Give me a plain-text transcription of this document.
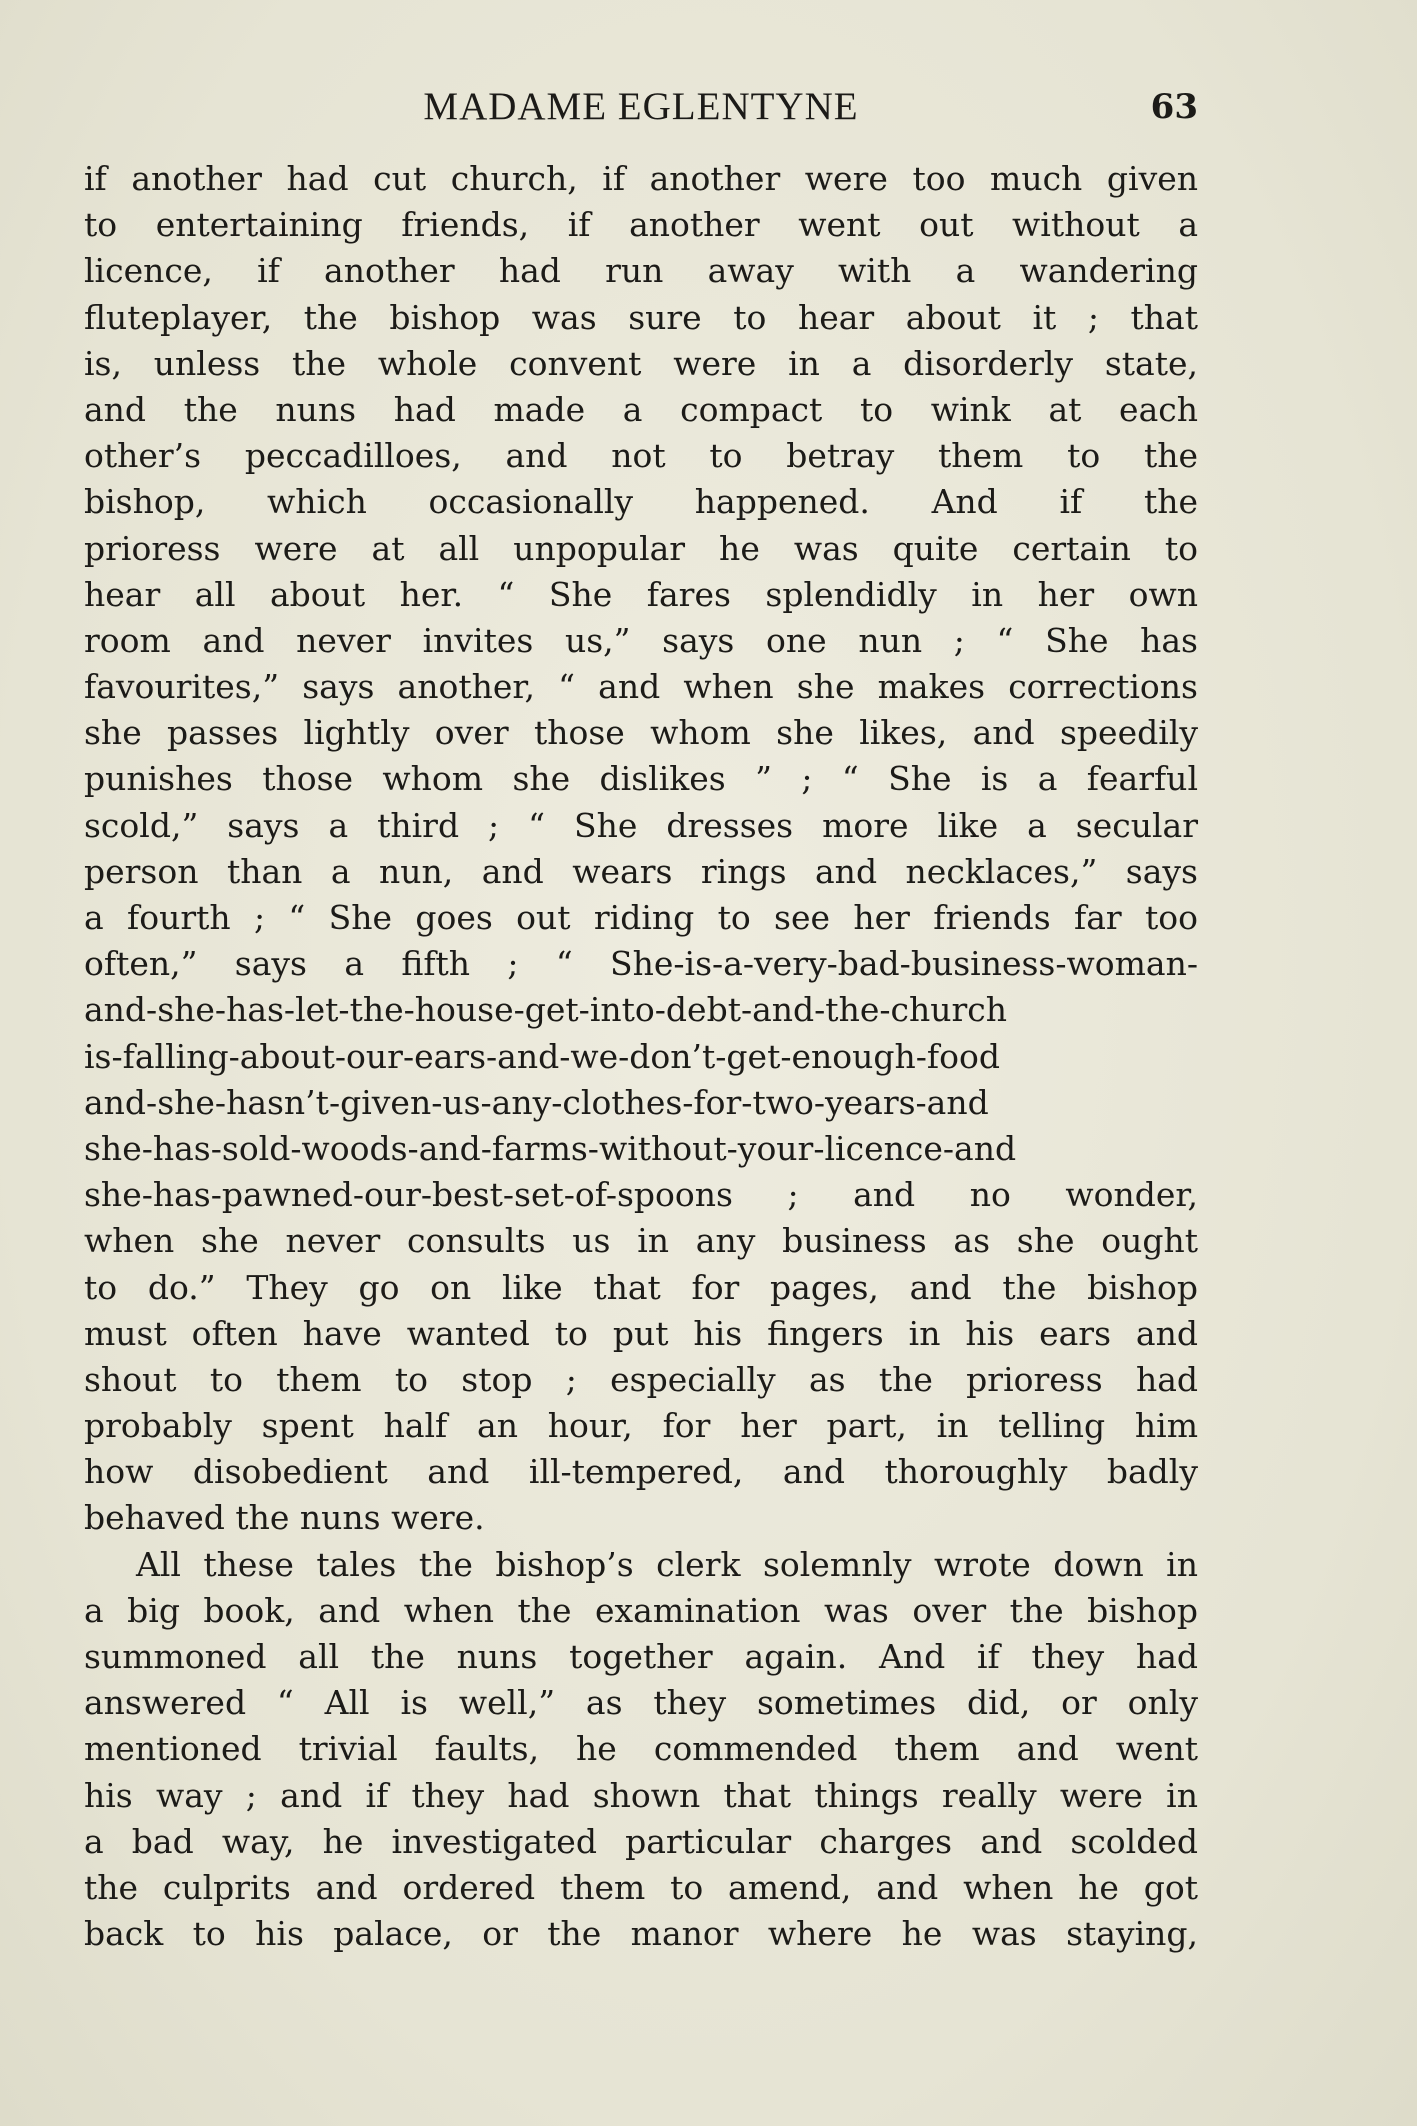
MADAME EGLENTYNE	63
if another had cut church, if another were too much given
to entertaining friends, if another went out without a
licence, if another had run away with a wandering
fluteplayer, the bishop was sure to hear about it ; that
is, unless the whole convent were in a disorderly state,
and the nuns had made a compact to wink at each
other’s peccadilloes, and not to betray them to the
bishop, which occasionally happened. And if the
prioress were at all unpopular he was quite certain to
hear all about her. “ She fares splendidly in her own
room and never invites us,” says one nun ; “ She has
favourites,” says another, “ and when she makes corrections
she passes lightly over those whom she likes, and speedily
punishes those whom she dislikes ” ; “ She is a fearful
scold,” says a third ; “ She dresses more like a secular
person than a nun, and wears rings and necklaces,” says
a fourth ; “ She goes out riding to see her friends far too
often,” says a fifth ; “ She-is-a-very-bad-business-woman-
and-she-has-let-the-house-get-into-debt-and-the-church
is-falling-about-our-ears-and-we-don’t-get-enough-food
and-she-hasn’t-given-us-any-clothes-for-two-years-and
she-has-sold-woods-and-farms-without-your-licence-and
she-has-pawned-our-best-set-of-spoons ; and no wonder,
when she never consults us in any business as she ought
to do.” They go on like that for pages, and the bishop
must often have wanted to put his fingers in his ears and
shout to them to stop ; especially as the prioress had
probably spent half an hour, for her part, in telling him
how disobedient and ill-tempered, and thoroughly badly
behaved the nuns were.
All these tales the bishop’s clerk solemnly wrote down in
a big book, and when the examination was over the bishop
summoned all the nuns together again. And if they had
answered “ All is well,” as they sometimes did, or only
mentioned trivial faults, he commended them and went
his way ; and if they had shown that things really were in
a bad way, he investigated particular charges and scolded
the culprits and ordered them to amend, and when he got
back to his palace, or the manor where he was staying,
